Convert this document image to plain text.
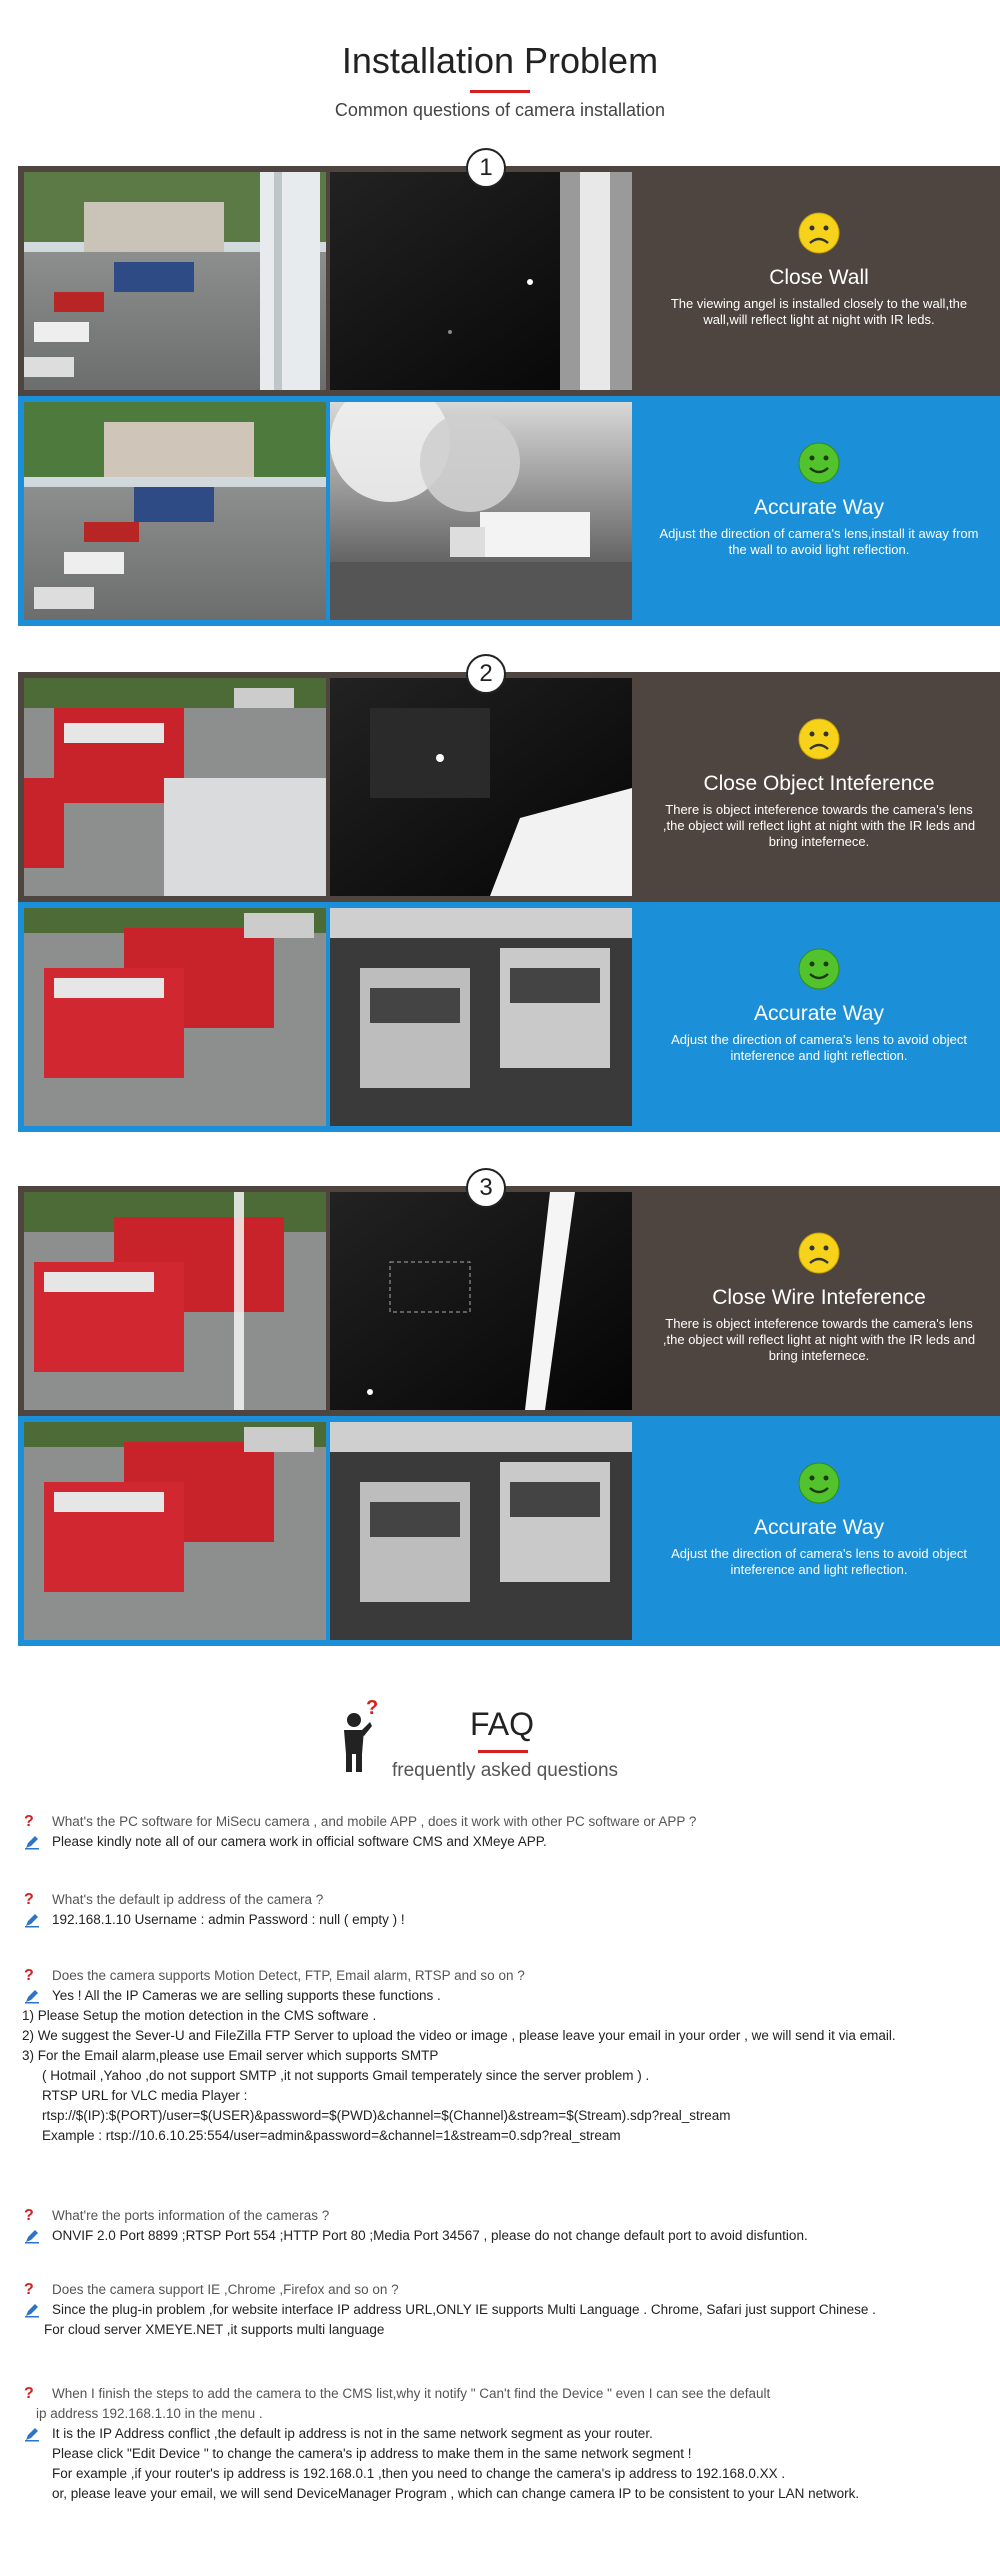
Installation Problem
Common questions of camera installation
1
Close Wall
The viewing angel is installed closely to the wall,the wall,will reflect light at night with IR leds.
Accurate Way
Adjust the direction of camera's lens,install it away from the wall to avoid light reflection.
2
Close Object Inteference
There is object inteference towards the camera's lens ,the object will reflect light at night with the IR leds and bring intefernece.
Accurate Way
Adjust the direction of camera's lens to avoid object inteference and light reflection.
3
Close Wire Inteference
There is object inteference towards the camera's lens ,the object will reflect light at night with the IR leds and bring intefernece.
Accurate Way
Adjust the direction of camera's lens to avoid object inteference and light reflection.
?	FAQ
frequently asked questions
? What's the PC software for MiSecu camera , and mobile APP , does it work with other PC software or APP ?
Please kindly note all of our camera work in official software CMS and XMeye APP.
? What's the default ip address of the camera ?
192.168.1.10 Username : admin Password : null ( empty ) !
? Does the camera supports Motion Detect, FTP, Email alarm, RTSP and so on ?
Yes ! All the IP Cameras we are selling supports these functions .
1) Please Setup the motion detection in the CMS software .
2) We suggest the Sever-U and FileZilla FTP Server to upload the video or image , please leave your email in your order , we will send it via email.
3) For the Email alarm,please use Email server which supports SMTP
( Hotmail ,Yahoo ,do not support SMTP ,it not supports Gmail temperately since the server problem ) .
RTSP URL for VLC media Player :
rtsp://$(IP):$(PORT)/user=$(USER)&password=$(PWD)&channel=$(Channel)&stream=$(Stream).sdp?real_stream
Example : rtsp://10.6.10.25:554/user=admin&password=&channel=1&stream=0.sdp?real_stream
? What're the ports information of the cameras ?
ONVIF 2.0 Port 8899 ;RTSP Port 554 ;HTTP Port 80 ;Media Port 34567 , please do not change default port to avoid disfuntion.
? Does the camera support IE ,Chrome ,Firefox and so on ?
Since the plug-in problem ,for website interface IP address URL,ONLY IE supports Multi Language . Chrome, Safari just support Chinese .
For cloud server XMEYE.NET ,it supports multi language
? When I finish the steps to add the camera to the CMS list,why it notify " Can't find the Device " even I can see the default
ip address 192.168.1.10 in the menu .
It is the IP Address conflict ,the default ip address is not in the same network segment as your router.
Please click "Edit Device " to change the camera's ip address to make them in the same network segment !
For example ,if your router's ip address is 192.168.0.1 ,then you need to change the camera's ip address to 192.168.0.XX .
or, please leave your email, we will send DeviceManager Program , which can change camera IP to be consistent to your LAN network.
